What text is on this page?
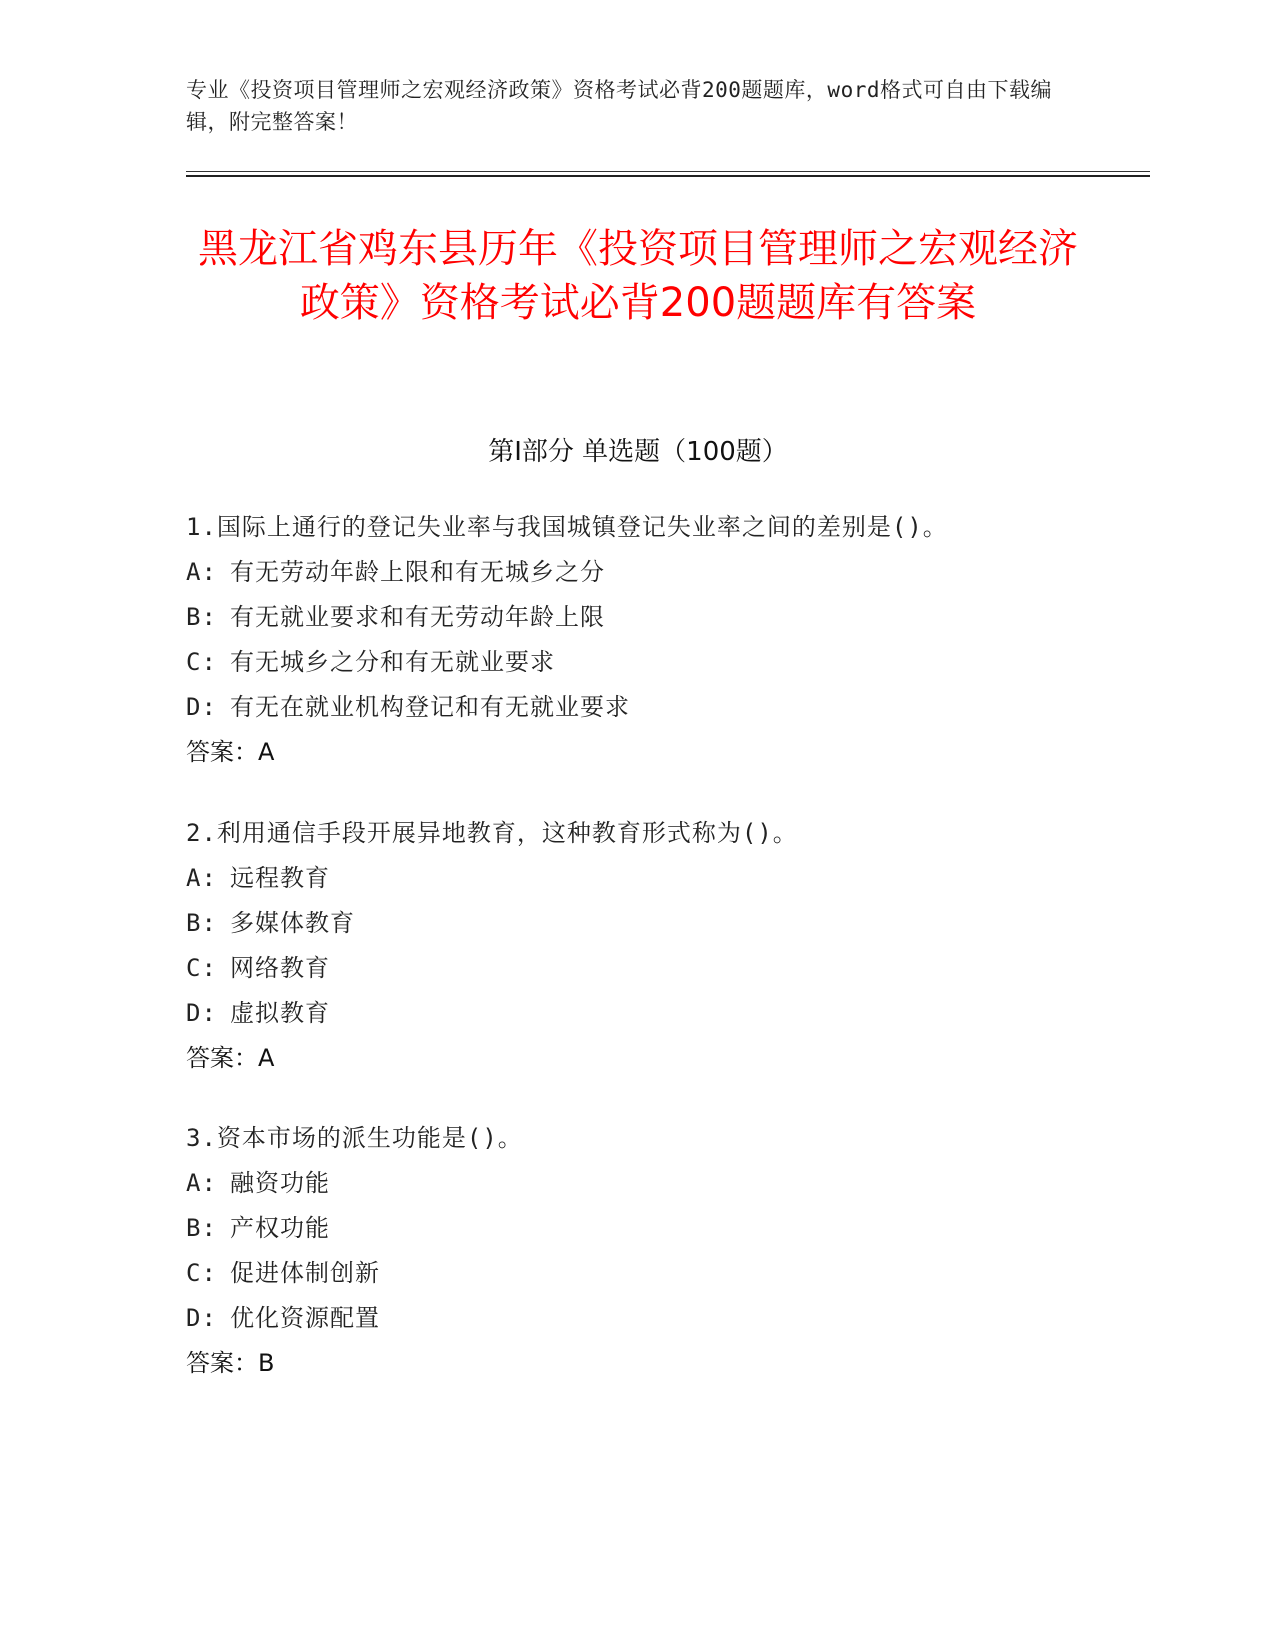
专业《投资项目管理师之宏观经济政策》资格考试必背200题题库，word格式可自由下载编辑，附完整答案！
黑龙江省鸡东县历年《投资项目管理师之宏观经济政策》资格考试必背200题题库有答案
第Ⅰ部分 单选题（100题）
1.国际上通行的登记失业率与我国城镇登记失业率之间的差别是()。
A: 有无劳动年龄上限和有无城乡之分
B: 有无就业要求和有无劳动年龄上限
C: 有无城乡之分和有无就业要求
D: 有无在就业机构登记和有无就业要求
答案：A
2.利用通信手段开展异地教育，这种教育形式称为()。
A: 远程教育
B: 多媒体教育
C: 网络教育
D: 虚拟教育
答案：A
3.资本市场的派生功能是()。
A: 融资功能
B: 产权功能
C: 促进体制创新
D: 优化资源配置
答案：B
